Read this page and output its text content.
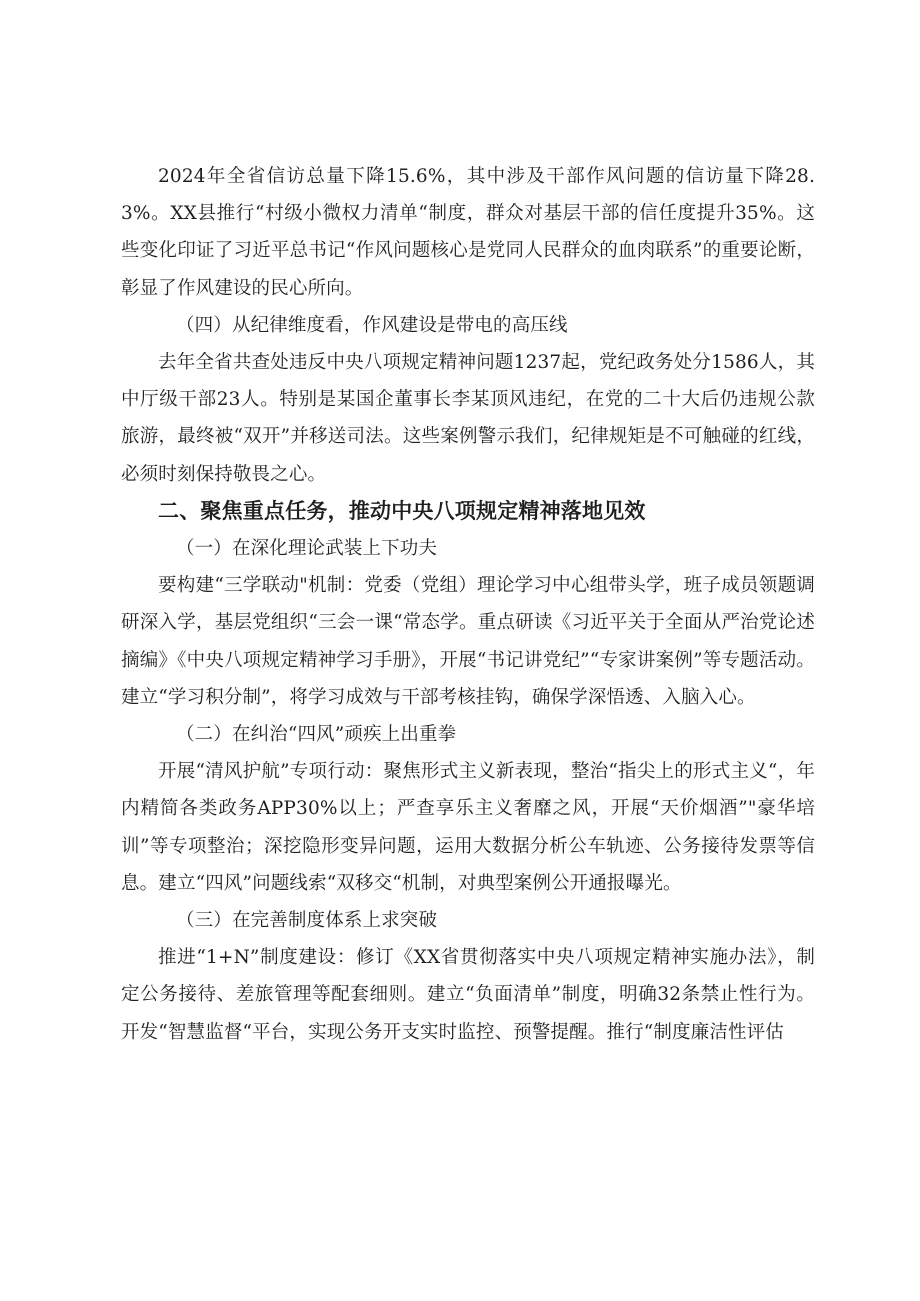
2024年全省信访总量下降15.6%，其中涉及干部作风问题的信访量下降28.3%。XX县推行“村级小微权力清单“制度，群众对基层干部的信任度提升35%。这些变化印证了习近平总书记“作风问题核心是党同人民群众的血肉联系”的重要论断，彰显了作风建设的民心所向。

（四）从纪律维度看，作风建设是带电的高压线

去年全省共查处违反中央八项规定精神问题1237起，党纪政务处分1586人，其中厅级干部23人。特别是某国企董事长李某顶风违纪，在党的二十大后仍违规公款旅游，最终被“双开”并移送司法。这些案例警示我们，纪律规矩是不可触碰的红线，必须时刻保持敬畏之心。

二、聚焦重点任务，推动中央八项规定精神落地见效

（一）在深化理论武装上下功夫

要构建“三学联动"机制：党委（党组）理论学习中心组带头学，班子成员领题调研深入学，基层党组织“三会一课“常态学。重点研读《习近平关于全面从严治党论述摘编》《中央八项规定精神学习手册》，开展“书记讲党纪”“专家讲案例”等专题活动。建立“学习积分制”，将学习成效与干部考核挂钩，确保学深悟透、入脑入心。

（二）在纠治“四风”顽疾上出重拳

开展“清风护航”专项行动：聚焦形式主义新表现，整治“指尖上的形式主义“，年内精简各类政务APP30%以上；严查享乐主义奢靡之风，开展“天价烟酒”"豪华培训”等专项整治；深挖隐形变异问题，运用大数据分析公车轨迹、公务接待发票等信息。建立“四风”问题线索“双移交“机制，对典型案例公开通报曝光。

（三）在完善制度体系上求突破

推进“1+N”制度建设：修订《XX省贯彻落实中央八项规定精神实施办法》，制定公务接待、差旅管理等配套细则。建立“负面清单”制度，明确32条禁止性行为。开发“智慧监督“平台，实现公务开支实时监控、预警提醒。推行“制度廉洁性评估
